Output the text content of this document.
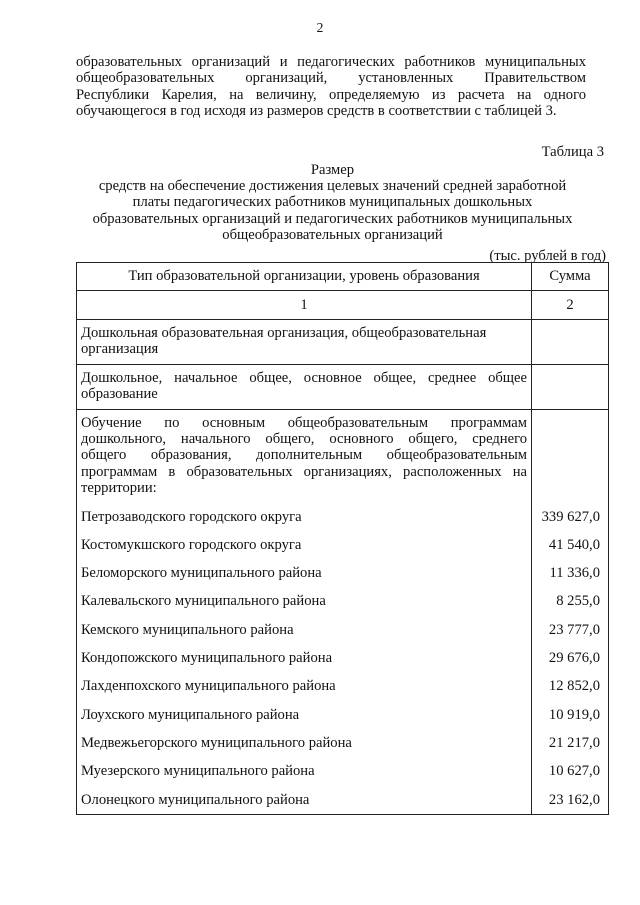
2
образовательных организаций и педагогических работников муниципальных
общеобразовательных организаций, установленных Правительством
Республики Карелия, на величину, определяемую из расчета на одного
обучающегося в год исходя из размеров средств в соответствии с таблицей 3.
Таблица 3
Размер
средств на обеспечение достижения целевых значений средней заработной
платы педагогических работников муниципальных дошкольных
образовательных организаций и педагогических работников муниципальных
общеобразовательных организаций
(тыс. рублей в год)
Тип образовательной организации, уровень образования	Сумма
1	2

Дошкольная образовательная организация, общеобразовательная
организация	

Дошкольное, начальное общее, основное общее, среднее общее
образование	

Обучение по основным общеобразовательным программам
дошкольного, начального общего, основного общего, среднего
общего образования, дополнительным общеобразовательным
программам в образовательных организациях, расположенных на
территории:	

Петрозаводского городского округа	339 627,0
Костомукшского городского округа	41 540,0
Беломорского муниципального района	11 336,0
Калевальского муниципального района	8 255,0
Кемского муниципального района	23 777,0
Кондопожского муниципального района	29 676,0
Лахденпохского муниципального района	12 852,0
Лоухского муниципального района	10 919,0
Медвежьегорского муниципального района	21 217,0
Муезерского муниципального района	10 627,0
Олонецкого муниципального района	23 162,0
